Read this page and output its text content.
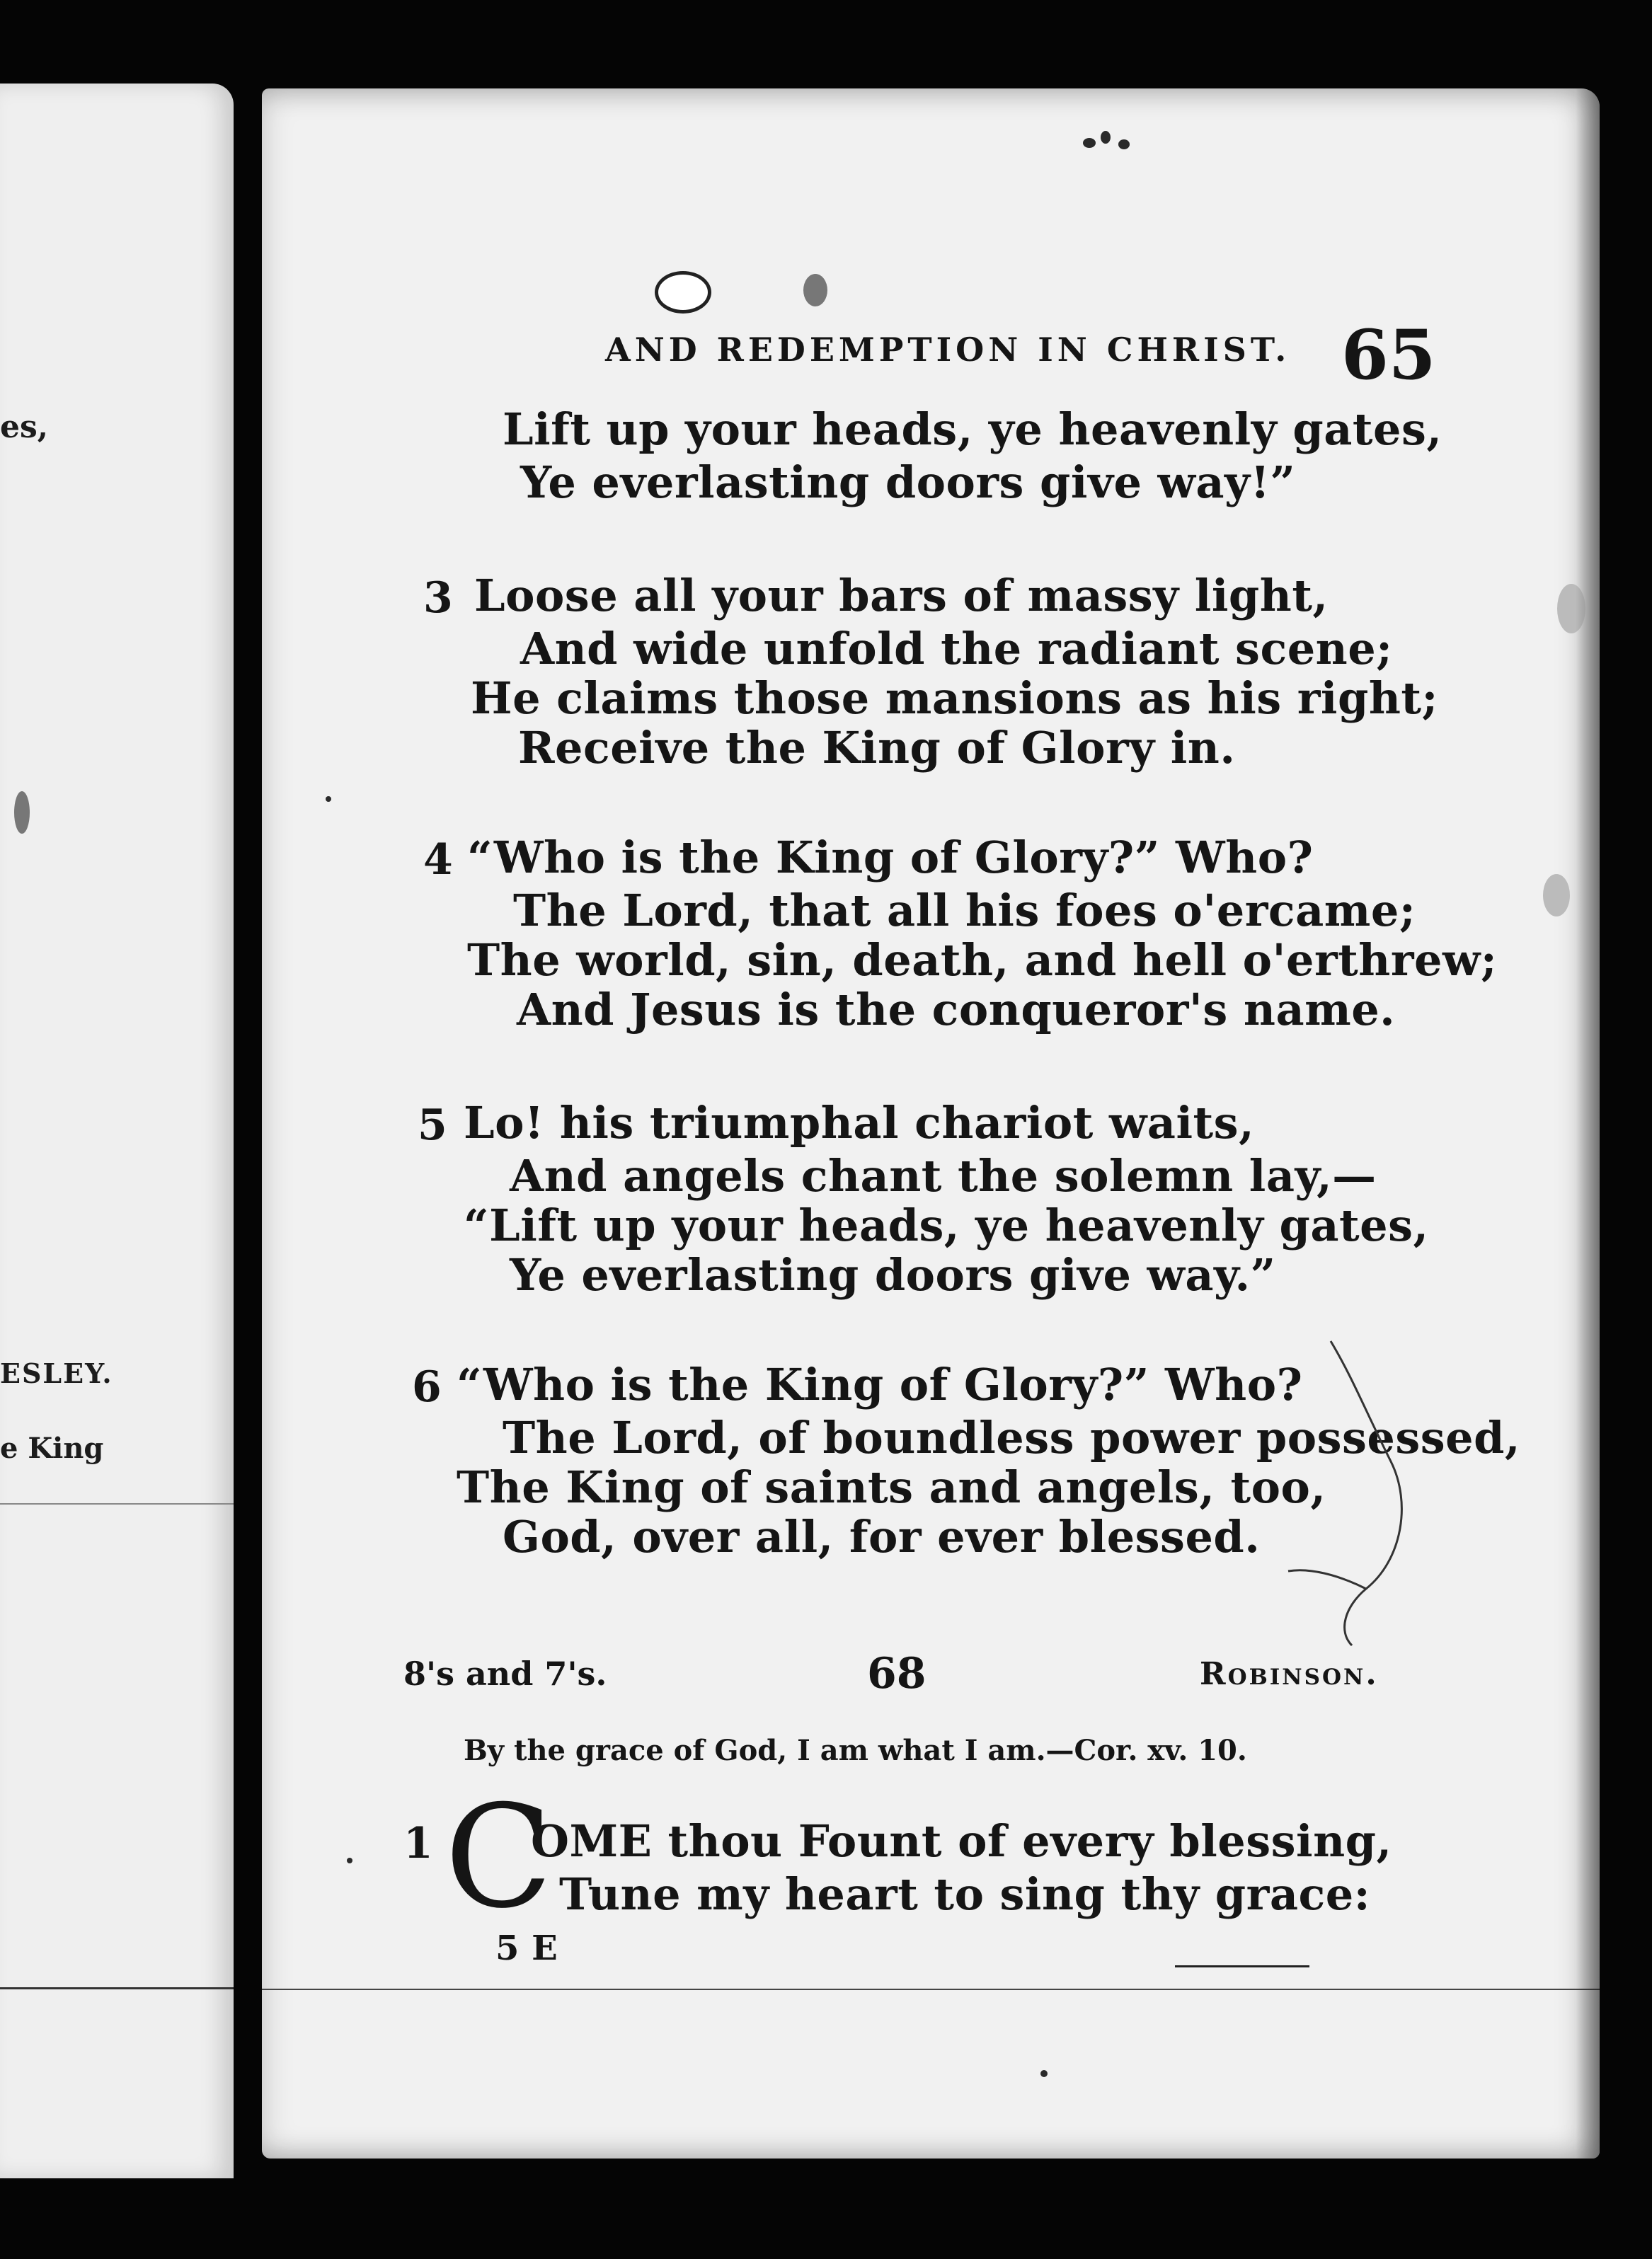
es,
ESLEY.
e King
AND REDEMPTION IN CHRIST. 65
Lift up your heads, ye heavenly gates,
Ye everlasting doors give way!”
3 Loose all your bars of massy light,
And wide unfold the radiant scene;
He claims those mansions as his right;
Receive the King of Glory in.
4 “Who is the King of Glory?” Who?
The Lord, that all his foes o'ercame;
The world, sin, death, and hell o'erthrew;
And Jesus is the conqueror's name.
5 Lo! his triumphal chariot waits,
And angels chant the solemn lay,—
“Lift up your heads, ye heavenly gates,
Ye everlasting doors give way.”
6 “Who is the King of Glory?” Who?
The Lord, of boundless power possessed,
The King of saints and angels, too,
God, over all, for ever blessed.
8's and 7's.	68	Robinson.
By the grace of God, I am what I am.—Cor. xv. 10.
1 C
OME thou Fount of every blessing,
Tune my heart to sing thy grace:
5 E
